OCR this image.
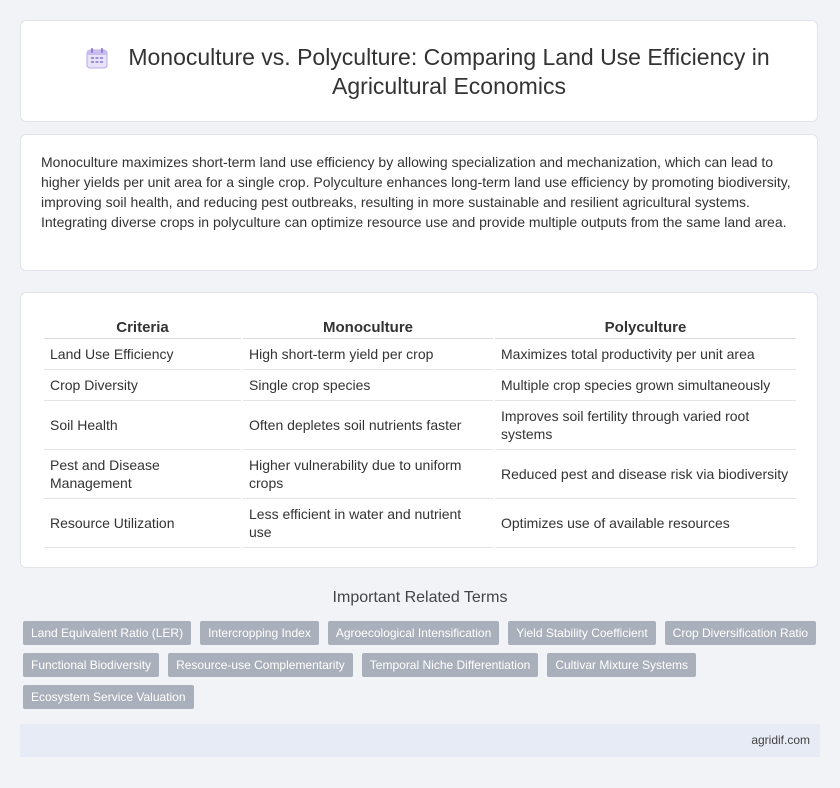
Monoculture vs. Polyculture: Comparing Land Use Efficiency in Agricultural Economics

Monoculture maximizes short-term land use efficiency by allowing specialization and mechanization, which can lead to higher yields per unit area for a single crop. Polyculture enhances long-term land use efficiency by promoting biodiversity, improving soil health, and reducing pest outbreaks, resulting in more sustainable and resilient agricultural systems. Integrating diverse crops in polyculture can optimize resource use and provide multiple outputs from the same land area.

Criteria	Monoculture	Polyculture
Land Use Efficiency	High short-term yield per crop	Maximizes total productivity per unit area
Crop Diversity	Single crop species	Multiple crop species grown simultaneously
Soil Health	Often depletes soil nutrients faster	Improves soil fertility through varied root systems
Pest and Disease Management	Higher vulnerability due to uniform crops	Reduced pest and disease risk via biodiversity
Resource Utilization	Less efficient in water and nutrient use	Optimizes use of available resources
Important Related Terms
Land Equivalent Ratio (LER)	Intercropping Index	Agroecological Intensification	Yield Stability Coefficient	Crop Diversification Ratio
Functional Biodiversity	Resource-use Complementarity	Temporal Niche Differentiation	Cultivar Mixture Systems
Ecosystem Service Valuation
agridif.com
